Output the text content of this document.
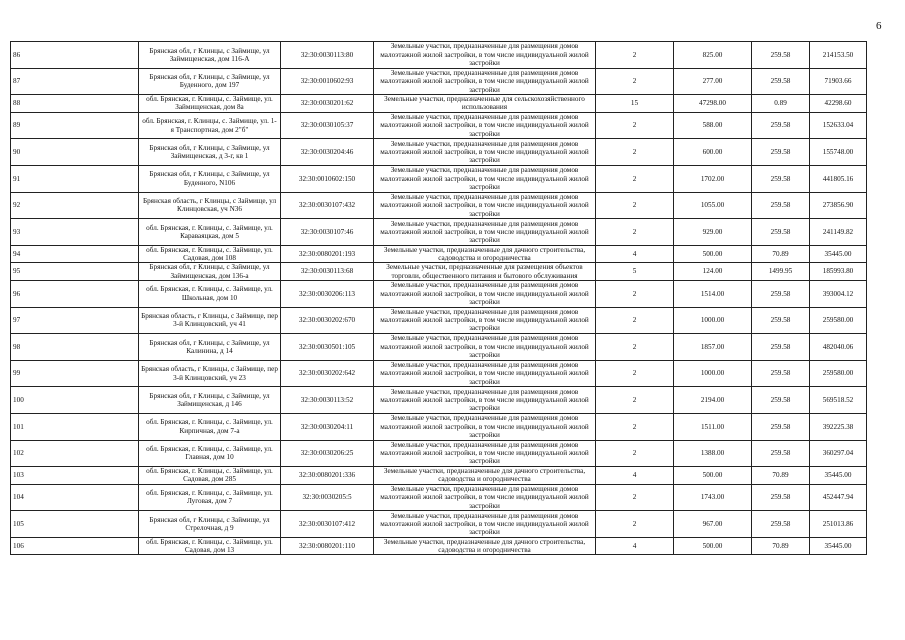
6
86	Брянская обл, г Клинцы, с Займище, ул Займищенская, дом 116-А	32:30:0030113:80	Земельные участки, предназначенные для размещения домов малоэтажной жилой застройки, в том числе индивидуальной жилой застройки	2	825.00	259.58	214153.50
87	Брянская обл, г Клинцы, с Займище, ул Буденного, дом 197	32:30:0010602:93	Земельные участки, предназначенные для размещения домов малоэтажной жилой застройки, в том числе индивидуальной жилой застройки	2	277.00	259.58	71903.66
88	обл. Брянская, г. Клинцы, с. Займище, ул. Займищенская, дом 8а	32:30:0030201:62	Земельные участки, предназначенные для сельскохозяйственного использования	15	47298.00	0.89	42298.60
89	обл. Брянская, г. Клинцы, с. Займище, ул. 1-я Транспортная, дом 2"б"	32:30:0030105:37	Земельные участки, предназначенные для размещения домов малоэтажной жилой застройки, в том числе индивидуальной жилой застройки	2	588.00	259.58	152633.04
90	Брянская обл, г Клинцы, с Займище, ул Займищенская, д 3-г, кв 1	32:30:0030204:46	Земельные участки, предназначенные для размещения домов малоэтажной жилой застройки, в том числе индивидуальной жилой застройки	2	600.00	259.58	155748.00
91	Брянская обл, г Клинцы, с Займище, ул Буденного, N106	32:30:0010602:150	Земельные участки, предназначенные для размещения домов малоэтажной жилой застройки, в том числе индивидуальной жилой застройки	2	1702.00	259.58	441805.16
92	Брянская область, г Клинцы, с Займище, ул Клинцовская, уч N36	32:30:0030107:432	Земельные участки, предназначенные для размещения домов малоэтажной жилой застройки, в том числе индивидуальной жилой застройки	2	1055.00	259.58	273856.90
93	обл. Брянская, г. Клинцы, с. Займище, ул. Караваяцкая, дом 5	32:30:0030107:46	Земельные участки, предназначенные для размещения домов малоэтажной жилой застройки, в том числе индивидуальной жилой застройки	2	929.00	259.58	241149.82
94	обл. Брянская, г. Клинцы, с. Займище, ул. Садовая, дом 108	32:30:0080201:193	Земельные участки, предназначенные для дачного строительства, садоводства и огородничества	4	500.00	70.89	35445.00
95	Брянская обл, г Клинцы, с Займище, ул Займищенская, дом 136-а	32:30:0030113:68	Земельные участки, предназначенные для размещения объектов торговли, общественного питания и бытового обслуживания	5	124.00	1499.95	185993.80
96	обл. Брянская, г. Клинцы, с. Займище, ул. Школьная, дом 10	32:30:0030206:113	Земельные участки, предназначенные для размещения домов малоэтажной жилой застройки, в том числе индивидуальной жилой застройки	2	1514.00	259.58	393004.12
97	Брянская область, г Клинцы, с Займище, пер 3-й Клинцовский, уч 41	32:30:0030202:670	Земельные участки, предназначенные для размещения домов малоэтажной жилой застройки, в том числе индивидуальной жилой застройки	2	1000.00	259.58	259580.00
98	Брянская обл, г Клинцы, с Займище, ул Калинина, д 14	32:30:0030501:105	Земельные участки, предназначенные для размещения домов малоэтажной жилой застройки, в том числе индивидуальной жилой застройки	2	1857.00	259.58	482040.06
99	Брянская область, г Клинцы, с Займище, пер 3-й Клинцовский, уч 23	32:30:0030202:642	Земельные участки, предназначенные для размещения домов малоэтажной жилой застройки, в том числе индивидуальной жилой застройки	2	1000.00	259.58	259580.00
100	Брянская обл, г Клинцы, с Займище, ул Займищенская, д 146	32:30:0030113:52	Земельные участки, предназначенные для размещения домов малоэтажной жилой застройки, в том числе индивидуальной жилой застройки	2	2194.00	259.58	569518.52
101	обл. Брянская, г. Клинцы, с. Займище, ул. Кирпичная, дом 7-а	32:30:0030204:11	Земельные участки, предназначенные для размещения домов малоэтажной жилой застройки, в том числе индивидуальной жилой застройки	2	1511.00	259.58	392225.38
102	обл. Брянская, г. Клинцы, с. Займище, ул. Главная, дом 10	32:30:0030206:25	Земельные участки, предназначенные для размещения домов малоэтажной жилой застройки, в том числе индивидуальной жилой застройки	2	1388.00	259.58	360297.04
103	обл. Брянская, г. Клинцы, с. Займище, ул. Садовая, дом 285	32:30:0080201:336	Земельные участки, предназначенные для дачного строительства, садоводства и огородничества	4	500.00	70.89	35445.00
104	обл. Брянская, г. Клинцы, с. Займище, ул. Луговая, дом 7	32:30:0030205:5	Земельные участки, предназначенные для размещения домов малоэтажной жилой застройки, в том числе индивидуальной жилой застройки	2	1743.00	259.58	452447.94
105	Брянская обл, г Клинцы, с Займище, ул Стрелочная, д 9	32:30:0030107:412	Земельные участки, предназначенные для размещения домов малоэтажной жилой застройки, в том числе индивидуальной жилой застройки	2	967.00	259.58	251013.86
106	обл. Брянская, г. Клинцы, с. Займище, ул. Садовая, дом 13	32:30:0080201:110	Земельные участки, предназначенные для дачного строительства, садоводства и огородничества	4	500.00	70.89	35445.00
